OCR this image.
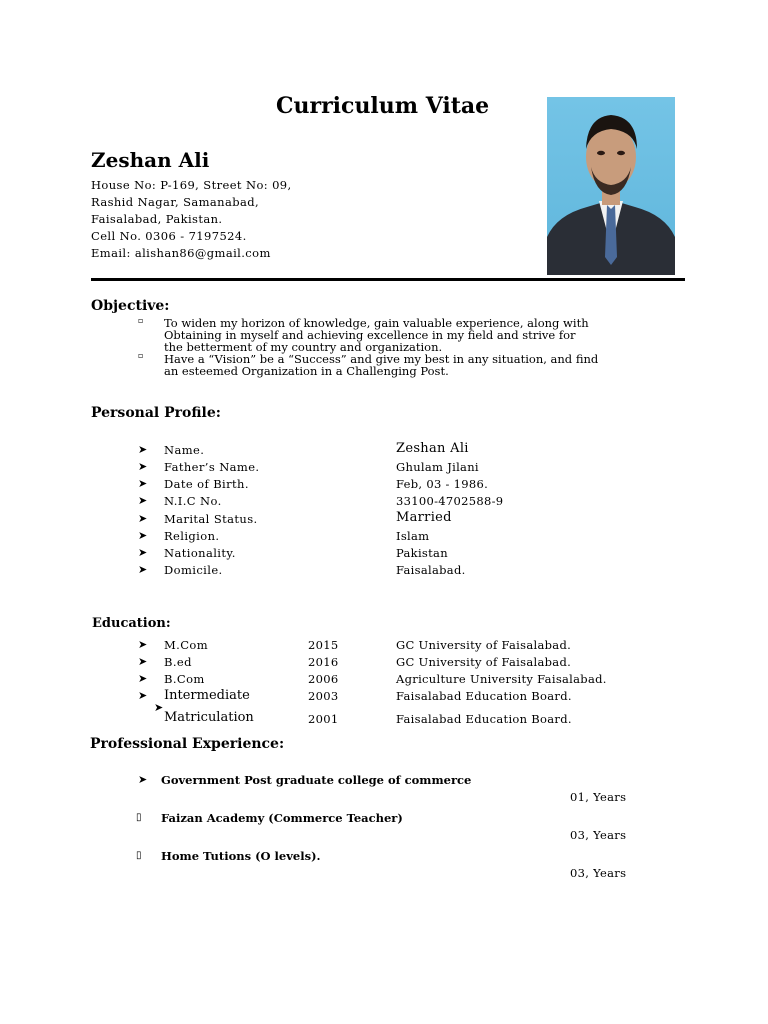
Curriculum Vitae
Zeshan Ali
House No: P-169, Street No: 09,
Rashid Nagar, Samanabad,
Faisalabad, Pakistan.
Cell No. 0306 - 7197524.
Email: alishan86@gmail.com
Objective:
▫ To widen my horizon of knowledge, gain valuable experience, along with
Obtaining in myself and achieving excellence in my field and strive for
the betterment of my country and organization.
▫ Have a “Vision” be a “Success” and give my best in any situation, and find
an esteemed Organization in a Challenging Post.
Personal Profile:
➤ Name.	Zeshan Ali
➤ Father’s Name.	Ghulam Jilani
➤ Date of Birth.	Feb, 03 - 1986.
➤ N.I.C No.	33100-4702588-9
➤ Marital Status.	Married
➤ Religion.	Islam
➤ Nationality.	Pakistan
➤ Domicile.	Faisalabad.
Education:
➤ M.Com	2015	GC University of Faisalabad.
➤ B.ed	2016	GC University of Faisalabad.
➤ B.Com	2006	Agriculture University Faisalabad.
➤ Intermediate	2003	Faisalabad Education Board.
➤
Matriculation	2001	Faisalabad Education Board.
Professional Experience:
➤ Government Post graduate college of commerce
01, Years
▯ Faizan Academy (Commerce Teacher)
03, Years
▯ Home Tutions (O levels).
03, Years
